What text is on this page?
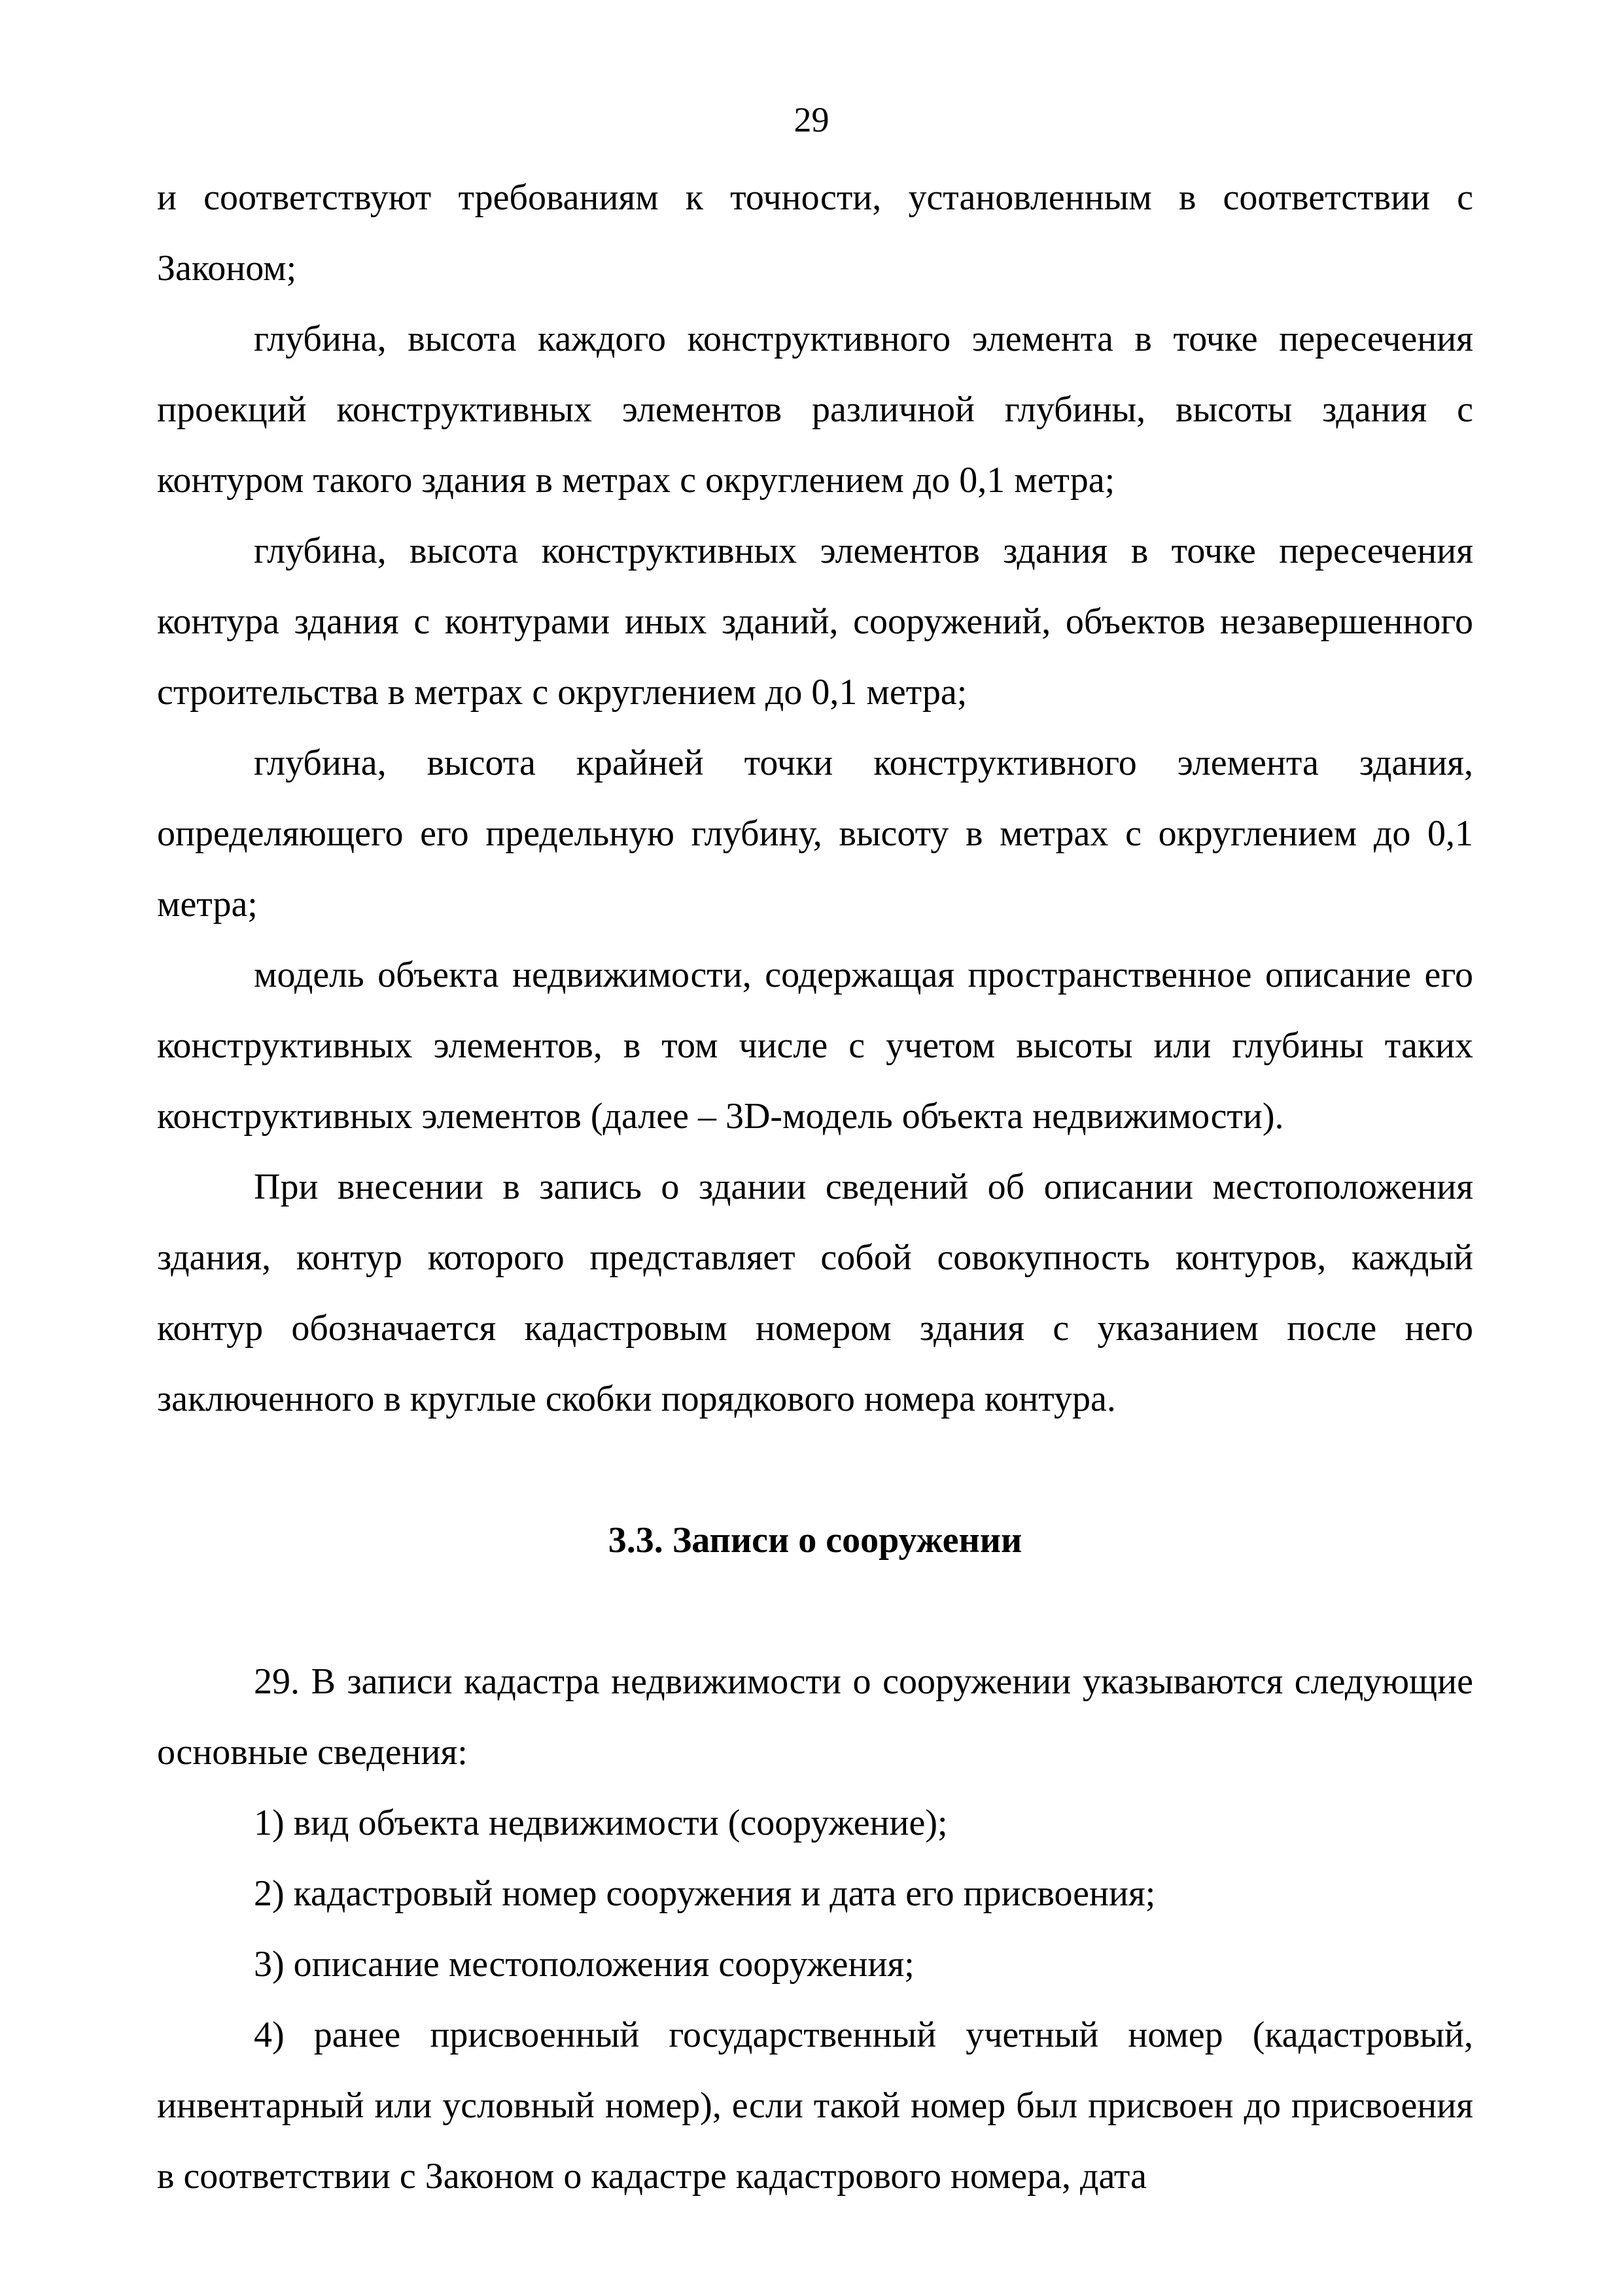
29

и соответствуют требованиям к точности, установленным в соответствии с Законом;

глубина, высота каждого конструктивного элемента в точке пересечения проекций конструктивных элементов различной глубины, высоты здания с контуром такого здания в метрах с округлением до 0,1 метра;

глубина, высота конструктивных элементов здания в точке пересечения контура здания с контурами иных зданий, сооружений, объектов незавершенного строительства в метрах с округлением до 0,1 метра;

глубина, высота крайней точки конструктивного элемента здания, определяющего его предельную глубину, высоту в метрах с округлением до 0,1 метра;

модель объекта недвижимости, содержащая пространственное описание его конструктивных элементов, в том числе с учетом высоты или глубины таких конструктивных элементов (далее – 3D-модель объекта недвижимости).

При внесении в запись о здании сведений об описании местоположения здания, контур которого представляет собой совокупность контуров, каждый контур обозначается кадастровым номером здания с указанием после него заключенного в круглые скобки порядкового номера контура.

3.3. Записи о сооружении

29. В записи кадастра недвижимости о сооружении указываются следующие основные сведения:

1) вид объекта недвижимости (сооружение);

2) кадастровый номер сооружения и дата его присвоения;

3) описание местоположения сооружения;

4) ранее присвоенный государственный учетный номер (кадастровый, инвентарный или условный номер), если такой номер был присвоен до присвоения в соответствии с Законом о кадастре кадастрового номера, дата
